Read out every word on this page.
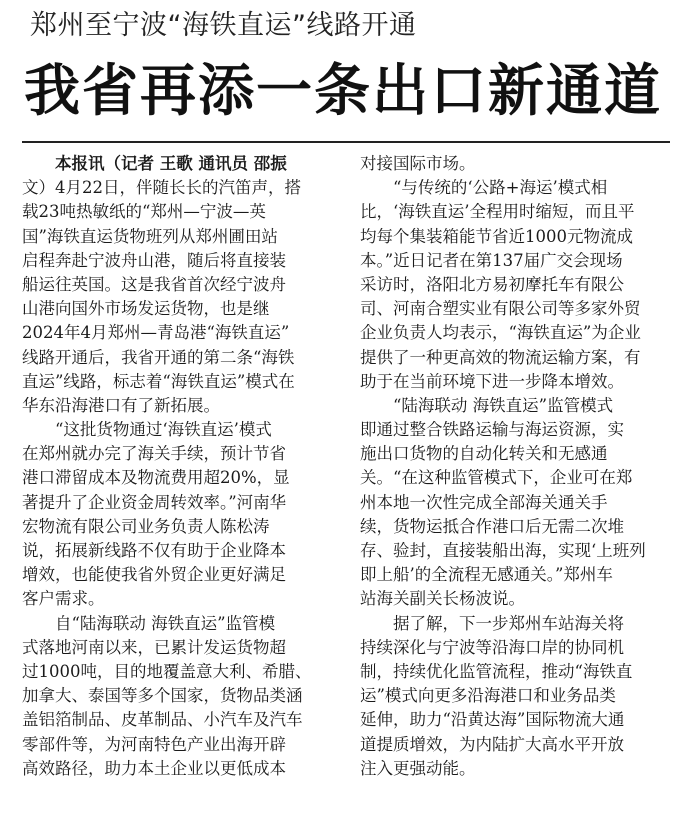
郑州至宁波“海铁直运”线路开通
我省再添一条出口新通道
　　本报讯（记者 王歌 通讯员 邵振
文）4月22日，伴随长长的汽笛声，搭
载23吨热敏纸的“郑州—宁波—英
国”海铁直运货物班列从郑州圃田站
启程奔赴宁波舟山港，随后将直接装
船运往英国。这是我省首次经宁波舟
山港向国外市场发运货物，也是继
2024年4月郑州—青岛港“海铁直运”
线路开通后，我省开通的第二条“海铁
直运”线路，标志着“海铁直运”模式在
华东沿海港口有了新拓展。
　　“这批货物通过‘海铁直运’模式
在郑州就办完了海关手续，预计节省
港口滞留成本及物流费用超20%，显
著提升了企业资金周转效率。”河南华
宏物流有限公司业务负责人陈松涛
说，拓展新线路不仅有助于企业降本
增效，也能使我省外贸企业更好满足
客户需求。
　　自“陆海联动 海铁直运”监管模
式落地河南以来，已累计发运货物超
过1000吨，目的地覆盖意大利、希腊、
加拿大、泰国等多个国家，货物品类涵
盖铝箔制品、皮革制品、小汽车及汽车
零部件等，为河南特色产业出海开辟
高效路径，助力本土企业以更低成本
对接国际市场。
　　“与传统的‘公路+海运’模式相
比，‘海铁直运’全程用时缩短，而且平
均每个集装箱能节省近1000元物流成
本。”近日记者在第137届广交会现场
采访时，洛阳北方易初摩托车有限公
司、河南合塑实业有限公司等多家外贸
企业负责人均表示，“海铁直运”为企业
提供了一种更高效的物流运输方案，有
助于在当前环境下进一步降本增效。
　　“陆海联动 海铁直运”监管模式
即通过整合铁路运输与海运资源，实
施出口货物的自动化转关和无感通
关。“在这种监管模式下，企业可在郑
州本地一次性完成全部海关通关手
续，货物运抵合作港口后无需二次堆
存、验封，直接装船出海，实现‘上班列
即上船’的全流程无感通关。”郑州车
站海关副关长杨波说。
　　据了解，下一步郑州车站海关将
持续深化与宁波等沿海口岸的协同机
制，持续优化监管流程，推动“海铁直
运”模式向更多沿海港口和业务品类
延伸，助力“沿黄达海”国际物流大通
道提质增效，为内陆扩大高水平开放
注入更强动能。
